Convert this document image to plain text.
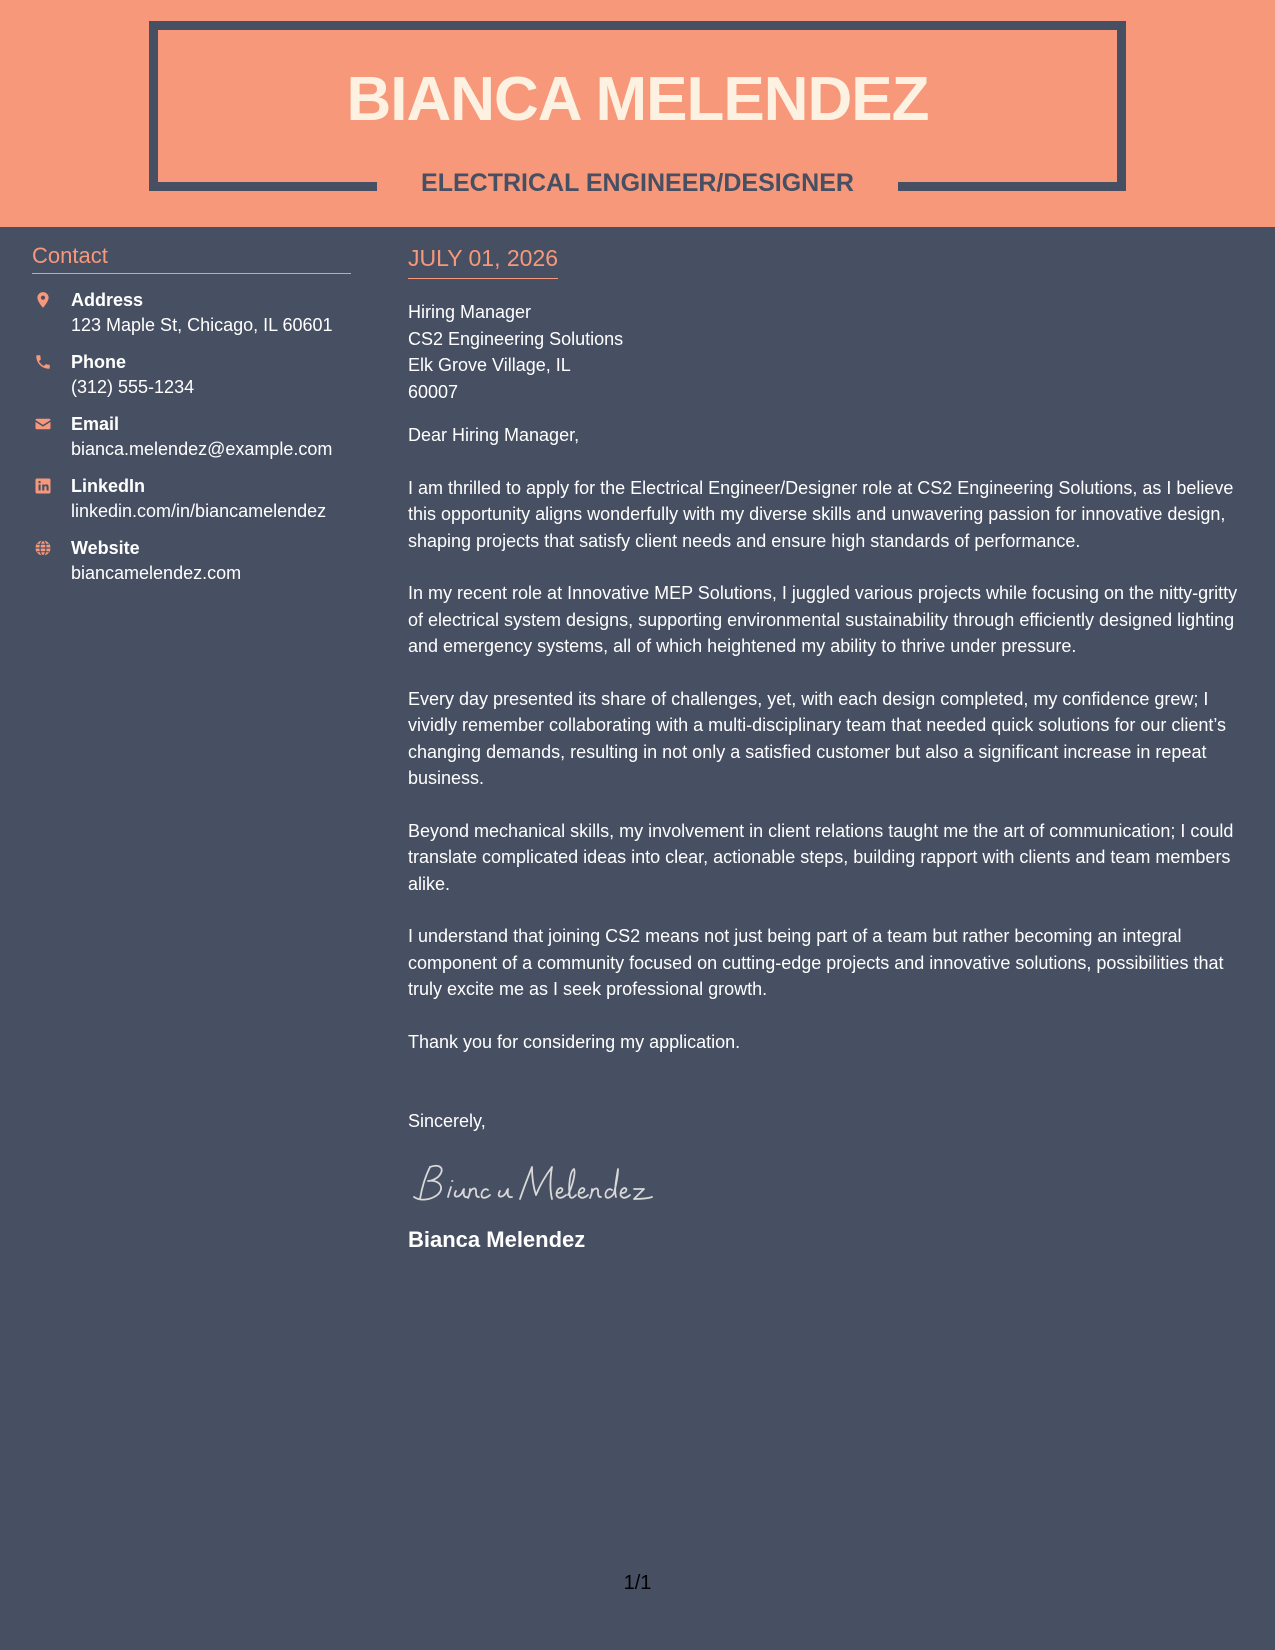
BIANCA MELENDEZ
ELECTRICAL ENGINEER/DESIGNER
Contact
Address
123 Maple St, Chicago, IL 60601
Phone
(312) 555-1234
Email
bianca.melendez@example.com
LinkedIn
linkedin.com/in/biancamelendez
Website
biancamelendez.com
JULY 01, 2026
Hiring Manager
CS2 Engineering Solutions
Elk Grove Village, IL
60007
Dear Hiring Manager,
I am thrilled to apply for the Electrical Engineer/Designer role at CS2 Engineering Solutions, as I believe this opportunity aligns wonderfully with my diverse skills and unwavering passion for innovative design, shaping projects that satisfy client needs and ensure high standards of performance.
In my recent role at Innovative MEP Solutions, I juggled various projects while focusing on the nitty-gritty of electrical system designs, supporting environmental sustainability through efficiently designed lighting and emergency systems, all of which heightened my ability to thrive under pressure.
Every day presented its share of challenges, yet, with each design completed, my confidence grew; I vividly remember collaborating with a multi-disciplinary team that needed quick solutions for our client’s changing demands, resulting in not only a satisfied customer but also a significant increase in repeat business.
Beyond mechanical skills, my involvement in client relations taught me the art of communication; I could translate complicated ideas into clear, actionable steps, building rapport with clients and team members alike.
I understand that joining CS2 means not just being part of a team but rather becoming an integral component of a community focused on cutting-edge projects and innovative solutions, possibilities that truly excite me as I seek professional growth.
Thank you for considering my application.
Sincerely,
Bianca Melendez
1/1
